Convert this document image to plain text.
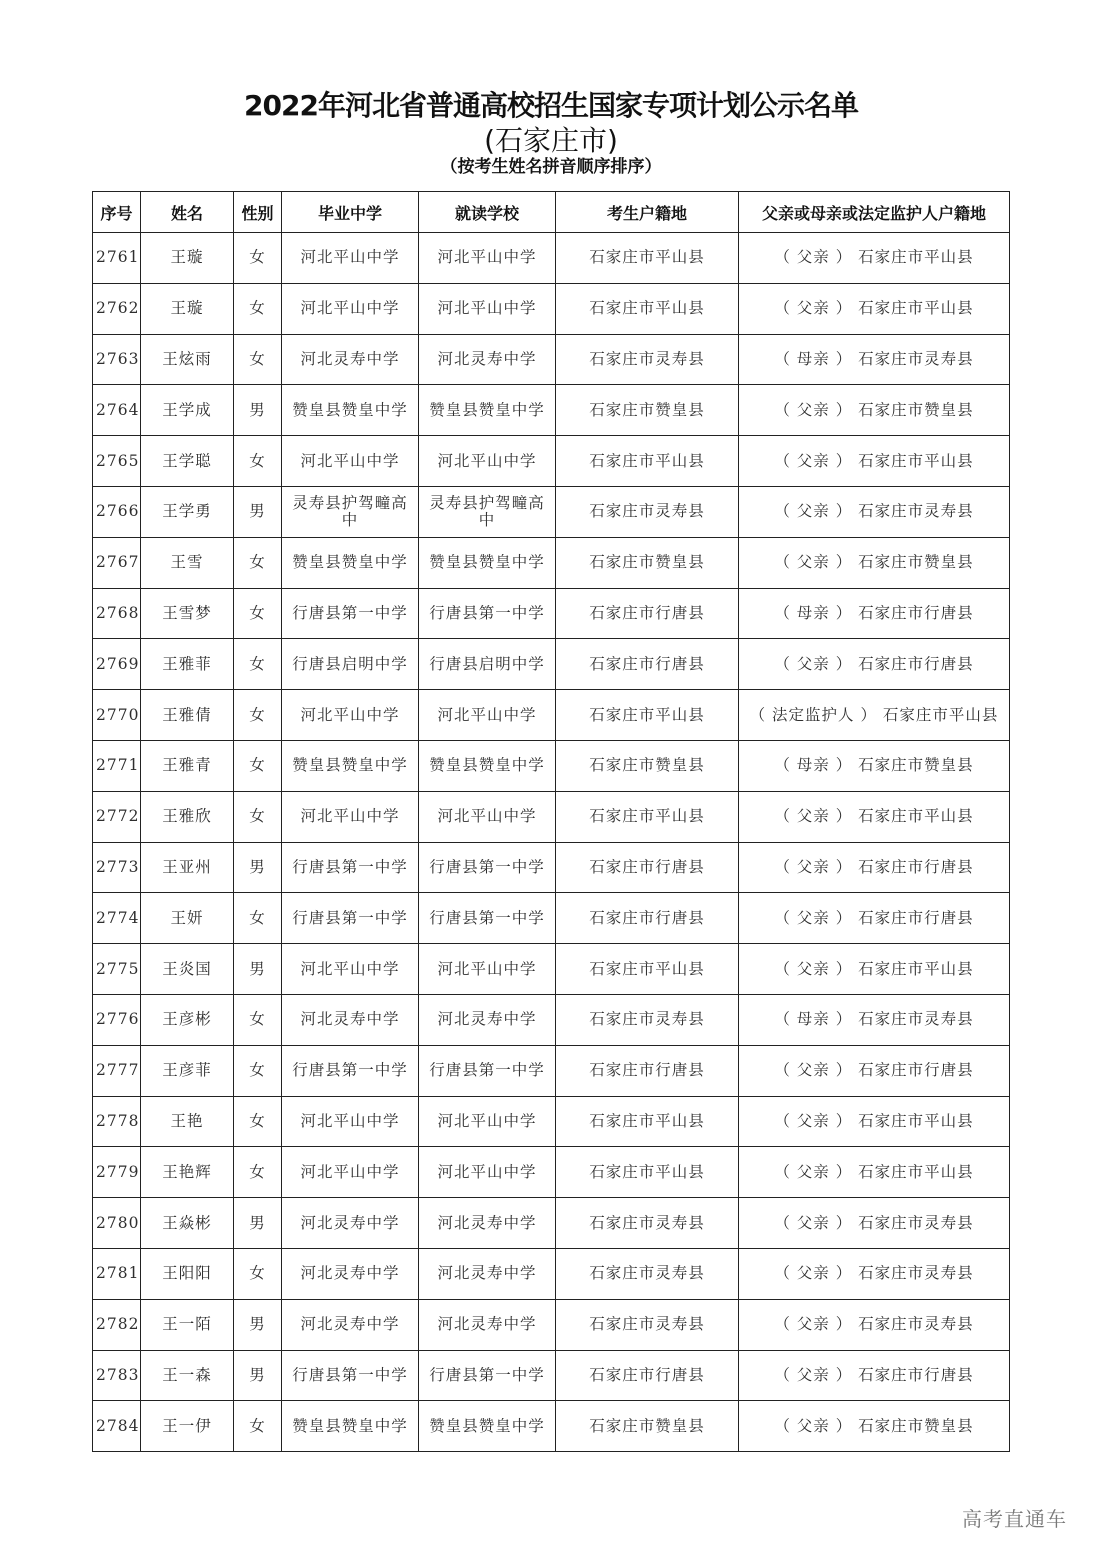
2022年河北省普通高校招生国家专项计划公示名单
(石家庄市)
（按考生姓名拼音顺序排序）
序号	姓名	性别	毕业中学	就读学校	考生户籍地	父亲或母亲或法定监护人户籍地
2761	王璇	女	河北平山中学	河北平山中学	石家庄市平山县	（ 父亲 ） 石家庄市平山县
2762	王璇	女	河北平山中学	河北平山中学	石家庄市平山县	（ 父亲 ） 石家庄市平山县
2763	王炫雨	女	河北灵寿中学	河北灵寿中学	石家庄市灵寿县	（ 母亲 ） 石家庄市灵寿县
2764	王学成	男	赞皇县赞皇中学	赞皇县赞皇中学	石家庄市赞皇县	（ 父亲 ） 石家庄市赞皇县
2765	王学聪	女	河北平山中学	河北平山中学	石家庄市平山县	（ 父亲 ） 石家庄市平山县
2766	王学勇	男	灵寿县护驾疃高中	灵寿县护驾疃高中	石家庄市灵寿县	（ 父亲 ） 石家庄市灵寿县
2767	王雪	女	赞皇县赞皇中学	赞皇县赞皇中学	石家庄市赞皇县	（ 父亲 ） 石家庄市赞皇县
2768	王雪梦	女	行唐县第一中学	行唐县第一中学	石家庄市行唐县	（ 母亲 ） 石家庄市行唐县
2769	王雅菲	女	行唐县启明中学	行唐县启明中学	石家庄市行唐县	（ 父亲 ） 石家庄市行唐县
2770	王雅倩	女	河北平山中学	河北平山中学	石家庄市平山县	（ 法定监护人 ） 石家庄市平山县
2771	王雅青	女	赞皇县赞皇中学	赞皇县赞皇中学	石家庄市赞皇县	（ 母亲 ） 石家庄市赞皇县
2772	王雅欣	女	河北平山中学	河北平山中学	石家庄市平山县	（ 父亲 ） 石家庄市平山县
2773	王亚州	男	行唐县第一中学	行唐县第一中学	石家庄市行唐县	（ 父亲 ） 石家庄市行唐县
2774	王妍	女	行唐县第一中学	行唐县第一中学	石家庄市行唐县	（ 父亲 ） 石家庄市行唐县
2775	王炎国	男	河北平山中学	河北平山中学	石家庄市平山县	（ 父亲 ） 石家庄市平山县
2776	王彦彬	女	河北灵寿中学	河北灵寿中学	石家庄市灵寿县	（ 母亲 ） 石家庄市灵寿县
2777	王彦菲	女	行唐县第一中学	行唐县第一中学	石家庄市行唐县	（ 父亲 ） 石家庄市行唐县
2778	王艳	女	河北平山中学	河北平山中学	石家庄市平山县	（ 父亲 ） 石家庄市平山县
2779	王艳辉	女	河北平山中学	河北平山中学	石家庄市平山县	（ 父亲 ） 石家庄市平山县
2780	王焱彬	男	河北灵寿中学	河北灵寿中学	石家庄市灵寿县	（ 父亲 ） 石家庄市灵寿县
2781	王阳阳	女	河北灵寿中学	河北灵寿中学	石家庄市灵寿县	（ 父亲 ） 石家庄市灵寿县
2782	王一陌	男	河北灵寿中学	河北灵寿中学	石家庄市灵寿县	（ 父亲 ） 石家庄市灵寿县
2783	王一森	男	行唐县第一中学	行唐县第一中学	石家庄市行唐县	（ 父亲 ） 石家庄市行唐县
2784	王一伊	女	赞皇县赞皇中学	赞皇县赞皇中学	石家庄市赞皇县	（ 父亲 ） 石家庄市赞皇县
高考直通车
